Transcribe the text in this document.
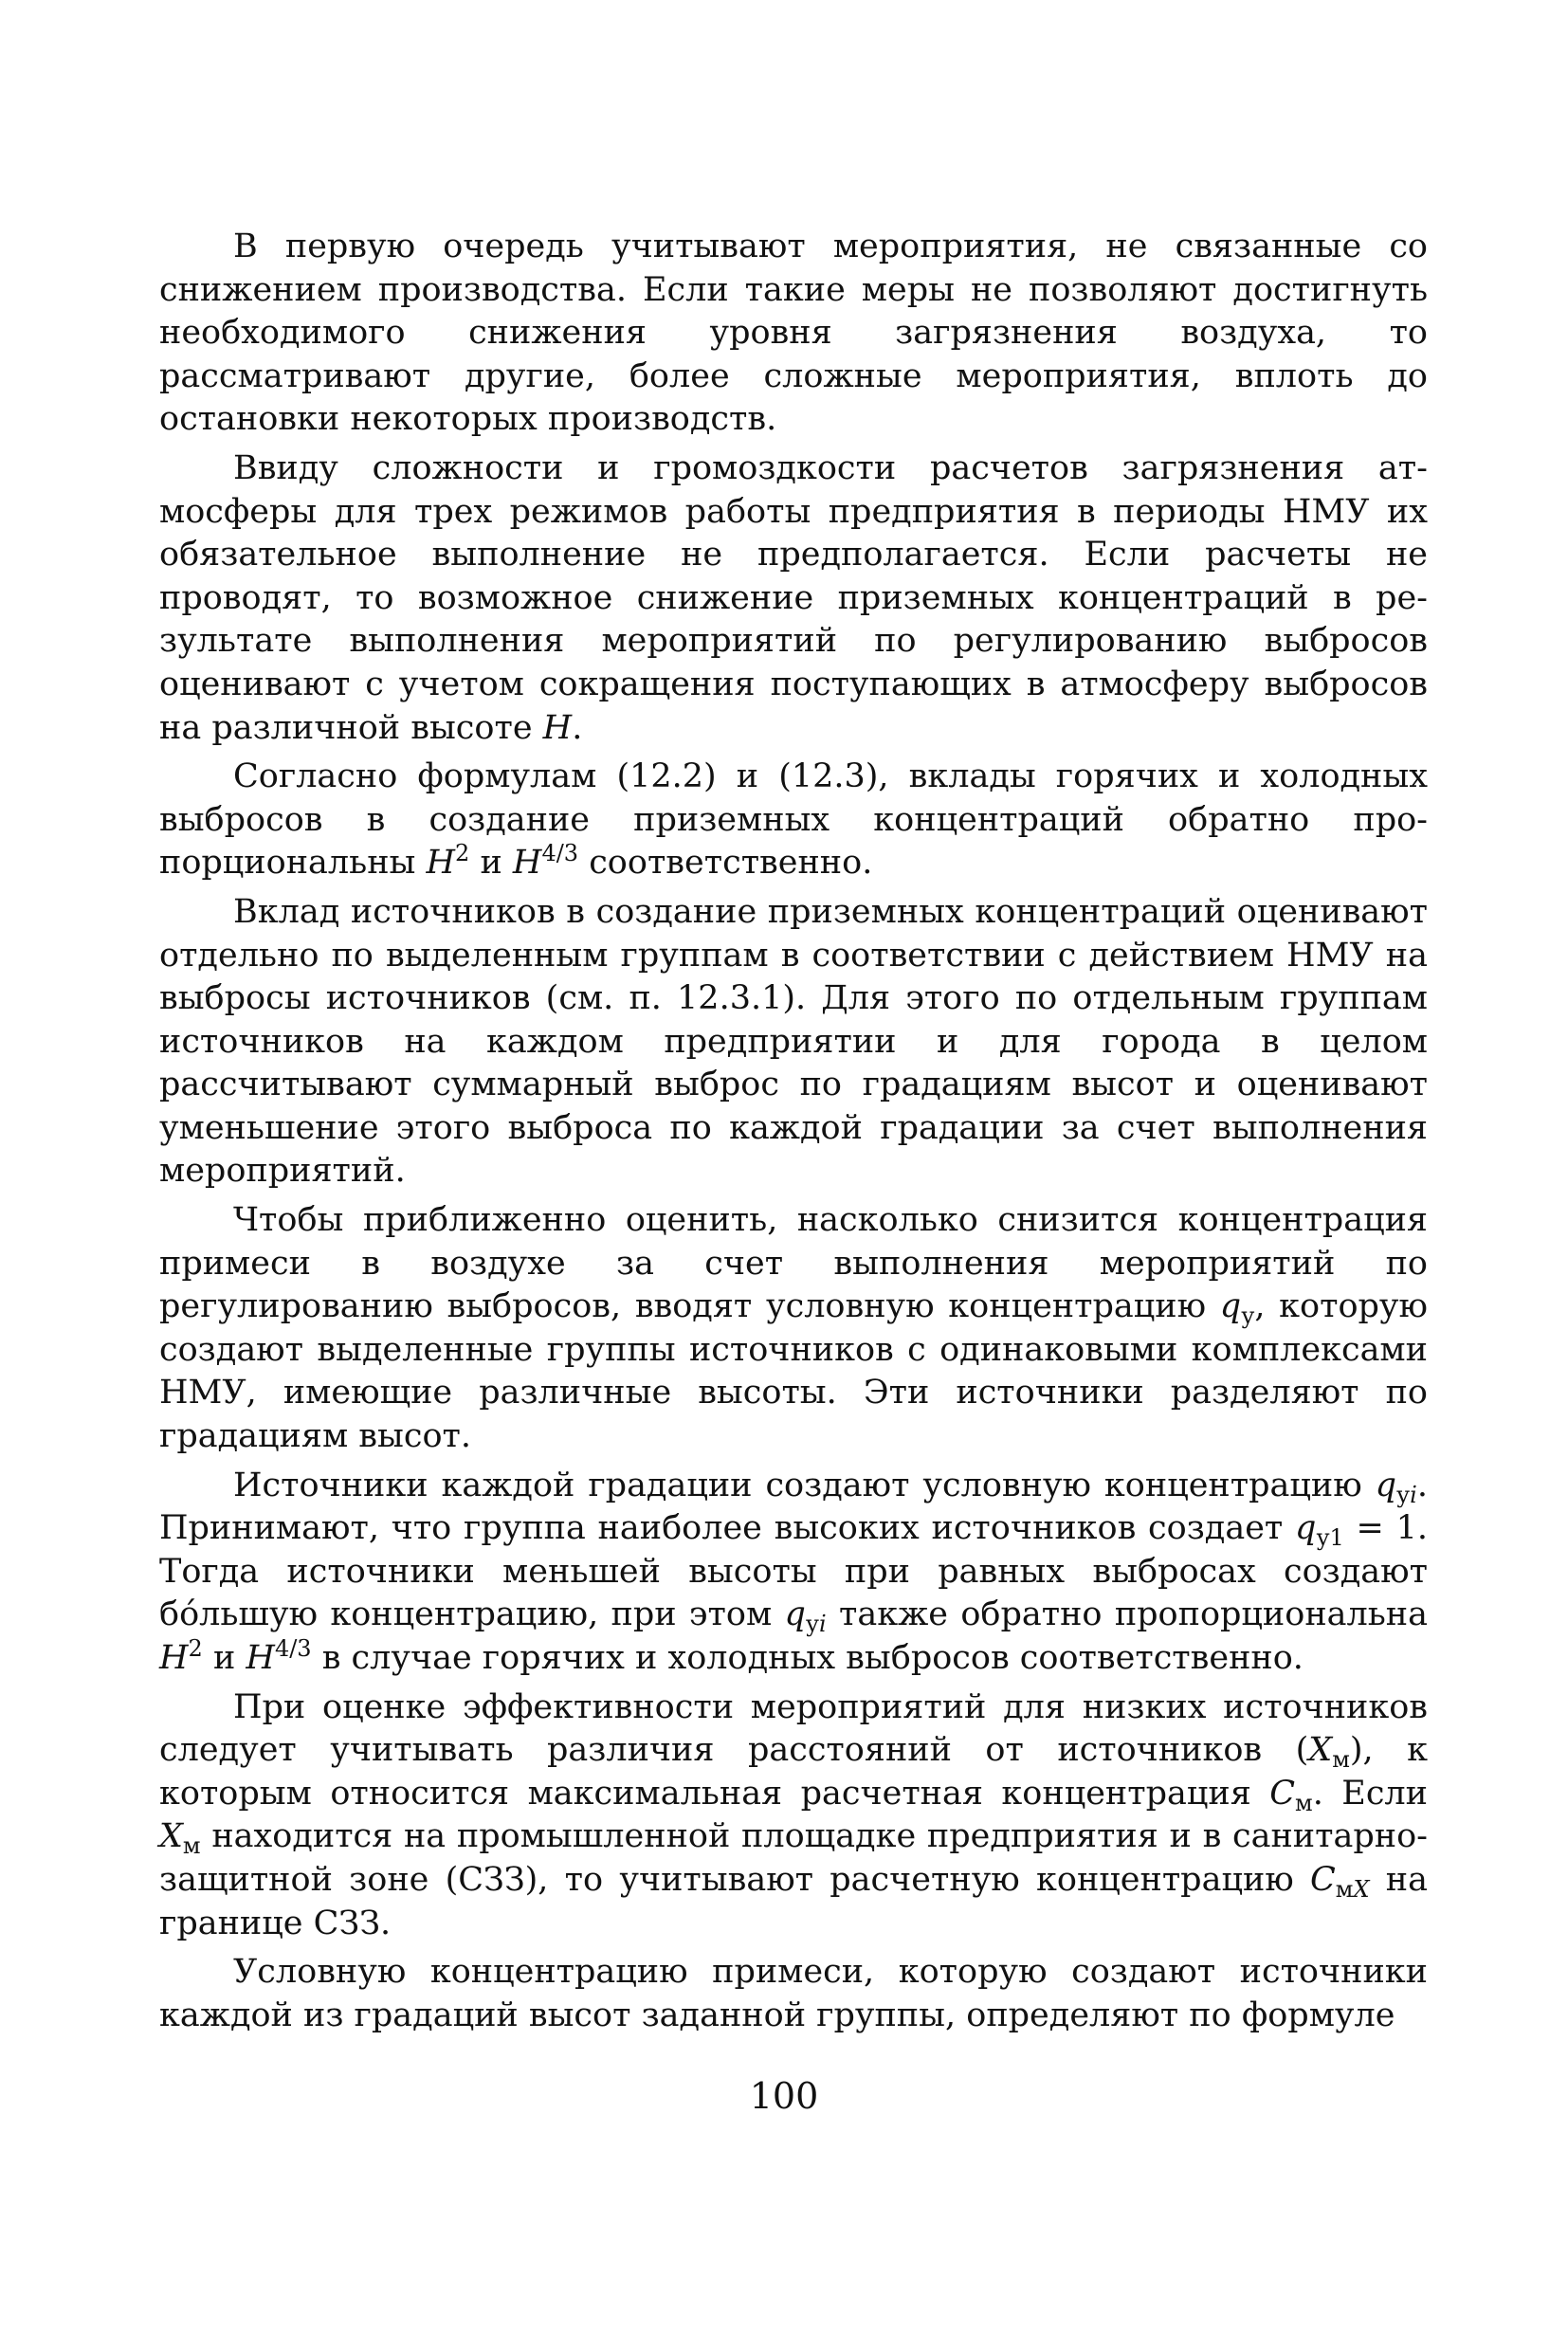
В первую очередь учитывают мероприятия, не связанные со снижением производства. Если такие меры не позволяют достигнуть необходимого снижения уровня загрязнения воздуха, то рассматривают другие, более сложные мероприятия, вплоть до остановки некоторых производств.

Ввиду сложности и громоздкости расчетов загрязнения атмосферы для трех режимов работы предприятия в периоды НМУ их обязательное выполнение не предполагается. Если расчеты не проводят, то возможное снижение приземных концентраций в результате выполнения мероприятий по регулированию выбросов оценивают с учетом сокращения поступающих в атмосферу выбросов на различной высоте H.

Согласно формулам (12.2) и (12.3), вклады горячих и холодных выбросов в создание приземных концентраций обратно пропорциональны $H^2$ и $H^{4/3}$ соответственно.

Вклад источников в создание приземных концентраций оценивают отдельно по выделенным группам в соответствии с действием НМУ на выбросы источников (см. п. 12.3.1). Для этого по отдельным группам источников на каждом предприятии и для города в целом рассчитывают суммарный выброс по градациям высот и оценивают уменьшение этого выброса по каждой градации за счет выполнения мероприятий.

Чтобы приближенно оценить, насколько снизится концентрация примеси в воздухе за счет выполнения мероприятий по регулированию выбросов, вводят условную концентрацию $q_у$, которую создают выделенные группы источников с одинаковыми комплексами НМУ, имеющие различные высоты. Эти источники разделяют по градациям высот.

Источники каждой градации создают условную концентрацию $q_{уi}$. Принимают, что группа наиболее высоких источников создает $q_{у1} = 1$. Тогда источники меньшей высоты при равных выбросах создают бóльшую концентрацию, при этом $q_{уi}$ также обратно пропорциональна $H^2$ и $H^{4/3}$ в случае горячих и холодных выбросов соответственно.

При оценке эффективности мероприятий для низких источников следует учитывать различия расстояний от источников $(X_м)$, к которым относится максимальная расчетная концентрация $C_м$. Если $X_м$ находится на промышленной площадке предприятия и в санитарно-защитной зоне (СЗЗ), то учитывают расчетную концентрацию $C_{мX}$ на границе СЗЗ.

Условную концентрацию примеси, которую создают источники каждой из градаций высот заданной группы, определяют по формуле

100
